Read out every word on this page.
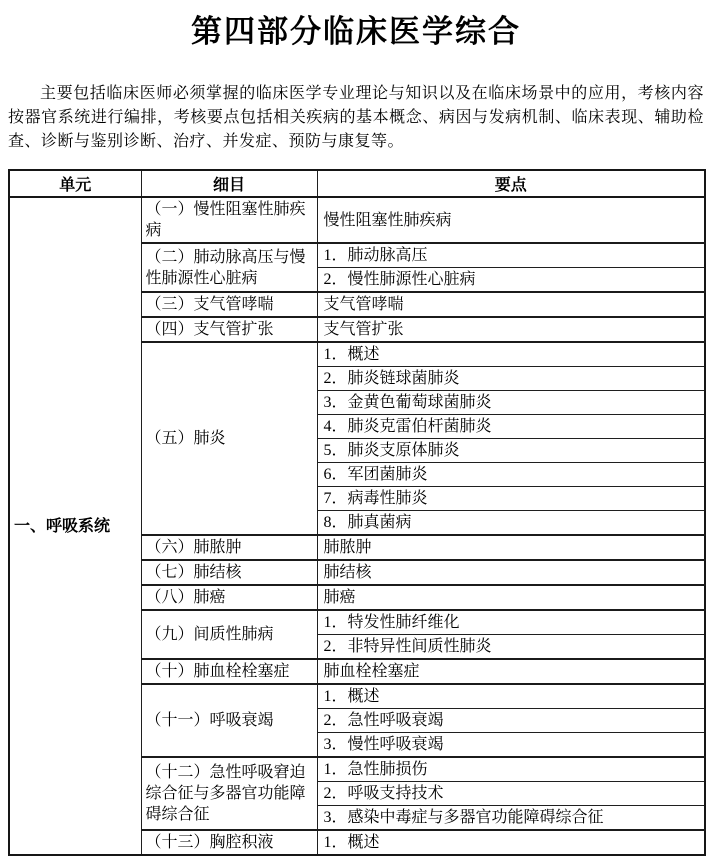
第四部分临床医学综合

主要包括临床医师必须掌握的临床医学专业理论与知识以及在临床场景中的应用，考核内容按器官系统进行编排，考核要点包括相关疾病的基本概念、病因与发病机制、临床表现、辅助检查、诊断与鉴别诊断、治疗、并发症、预防与康复等。

单元	细目	要点
一、呼吸系统	（一）慢性阻塞性肺疾病	慢性阻塞性肺疾病
	（二）肺动脉高压与慢性肺源性心脏病	1．肺动脉高压
		2．慢性肺源性心脏病
	（三）支气管哮喘	支气管哮喘
	（四）支气管扩张	支气管扩张
	（五）肺炎	1．概述
		2．肺炎链球菌肺炎
		3．金黄色葡萄球菌肺炎
		4．肺炎克雷伯杆菌肺炎
		5．肺炎支原体肺炎
		6．军团菌肺炎
		7．病毒性肺炎
		8．肺真菌病
	（六）肺脓肿	肺脓肿
	（七）肺结核	肺结核
	（八）肺癌	肺癌
	（九）间质性肺病	1．特发性肺纤维化
		2．非特异性间质性肺炎
	（十）肺血栓栓塞症	肺血栓栓塞症
	（十一）呼吸衰竭	1．概述
		2．急性呼吸衰竭
		3．慢性呼吸衰竭
	（十二）急性呼吸窘迫综合征与多器官功能障碍综合征	1．急性肺损伤
		2．呼吸支持技术
		3．感染中毒症与多器官功能障碍综合征
	（十三）胸腔积液	1．概述
